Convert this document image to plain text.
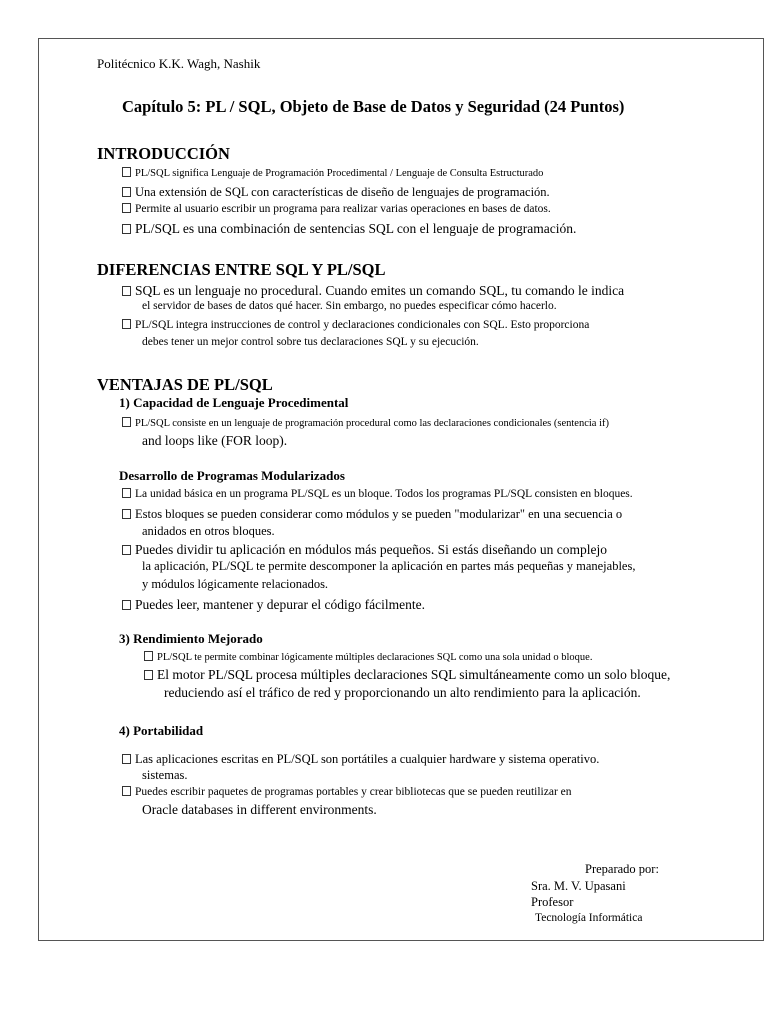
Politécnico K.K. Wagh, Nashik
Capítulo 5: PL / SQL, Objeto de Base de Datos y Seguridad (24 Puntos)
INTRODUCCIÓN
PL/SQL significa Lenguaje de Programación Procedimental / Lenguaje de Consulta Estructurado
Una extensión de SQL con características de diseño de lenguajes de programación.
Permite al usuario escribir un programa para realizar varias operaciones en bases de datos.
PL/SQL es una combinación de sentencias SQL con el lenguaje de programación.
DIFERENCIAS ENTRE SQL Y PL/SQL
SQL es un lenguaje no procedural. Cuando emites un comando SQL, tu comando le indica
el servidor de bases de datos qué hacer. Sin embargo, no puedes especificar cómo hacerlo.
PL/SQL integra instrucciones de control y declaraciones condicionales con SQL. Esto proporciona
debes tener un mejor control sobre tus declaraciones SQL y su ejecución.
VENTAJAS DE PL/SQL
1) Capacidad de Lenguaje Procedimental
PL/SQL consiste en un lenguaje de programación procedural como las declaraciones condicionales (sentencia if)
and loops like (FOR loop).
Desarrollo de Programas Modularizados
La unidad básica en un programa PL/SQL es un bloque. Todos los programas PL/SQL consisten en bloques.
Estos bloques se pueden considerar como módulos y se pueden "modularizar" en una secuencia o
anidados en otros bloques.
Puedes dividir tu aplicación en módulos más pequeños. Si estás diseñando un complejo
la aplicación, PL/SQL te permite descomponer la aplicación en partes más pequeñas y manejables,
y módulos lógicamente relacionados.
Puedes leer, mantener y depurar el código fácilmente.
3) Rendimiento Mejorado
PL/SQL te permite combinar lógicamente múltiples declaraciones SQL como una sola unidad o bloque.
El motor PL/SQL procesa múltiples declaraciones SQL simultáneamente como un solo bloque,
reduciendo así el tráfico de red y proporcionando un alto rendimiento para la aplicación.
4) Portabilidad
Las aplicaciones escritas en PL/SQL son portátiles a cualquier hardware y sistema operativo.
sistemas.
Puedes escribir paquetes de programas portables y crear bibliotecas que se pueden reutilizar en
Oracle databases in different environments.
Preparado por:
Sra. M. V. Upasani
Profesor
Tecnología Informática
